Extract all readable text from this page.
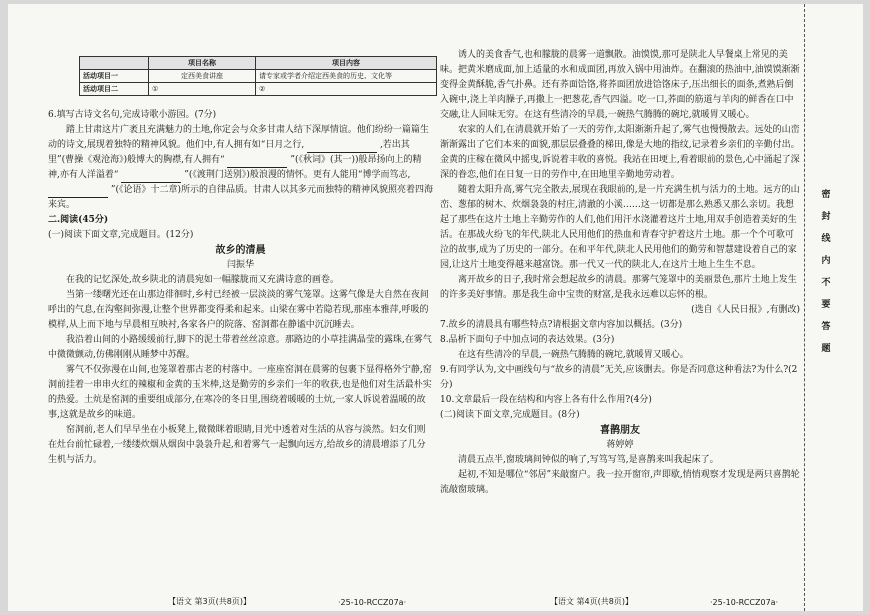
	项目名称	项目内容
活动项目一	定西美食讲座	请专家或学者介绍定西美食的历史、文化等
活动项目二	①	②

6.填写古诗文名句,完成诗歌小游园。(7分)

踏上甘肃这片广袤且充满魅力的土地,你定会与众多甘肃人结下深厚情谊。他们纷纷一篇篇生动的诗文,展现着独特的精神风貌。他们中,有人拥有如“日月之行,	,若出其里”(曹操《观沧海》)般博大的胸襟,有人拥有“	”(《秋词》(其一))般昂扬向上的精神,亦有人洋溢着“	”(《渡荆门送别》)般浪漫的情怀。更有人能用“博学而笃志,  ”(《论语》十二章)所示的自律品质。甘肃人以其多元而独特的精神风貌照亮着四海来宾。

二.阅读(45分)

(一)阅读下面文章,完成题目。(12分)

故乡的清晨

闫振华

在我的记忆深处,故乡陕北的清晨宛如一幅朦胧而又充满诗意的画卷。

当第一缕曙光还在山那边徘徊时,乡村已经被一层淡淡的雾气笼罩。这雾气像是大自然在夜间呼出的气息,在沟壑间弥漫,让整个世界都变得柔和起来。山梁在雾中若隐若现,那座本雅萍,呼吸的模样,从上而下地与早晨相互映衬,各家各户的院落、窑洞都在静谧中沉沉睡去。

我沿着山间的小路缓缓前行,脚下的泥土带着丝丝凉意。那路边的小草挂满晶莹的露珠,在雾气中微微颤动,仿佛刚刚从睡梦中苏醒。

雾气不仅弥漫在山间,也笼罩着那古老的村落中。一座座窑洞在晨雾的包裹下显得格外宁静,窑洞前挂着一串串火红的辣椒和金黄的玉米棒,这是勤劳的乡亲们一年的收获,也是他们对生活最朴实的热爱。土炕是窑洞的重要组成部分,在寒冷的冬日里,围绕着暖暖的土炕,一家人诉说着温暖的故事,这就是故乡的味道。

窑洞前,老人们早早坐在小板凳上,微微眯着眼睛,目光中透着对生活的从容与淡然。妇女们则在灶台前忙碌着,一缕缕炊烟从烟囱中袅袅升起,和着雾气一起飘向远方,给故乡的清晨增添了几分生机与活力。

【语文 第3页(共8页)】	·25-10-RCCZ07a·

诱人的美食香气,也和朦胧的晨雾一道飘散。油馍馍,那可是陕北人早餐桌上常见的美味。把黄米磨成面,加上适量的水和成面团,再放入锅中用油炸。在翻滚的热油中,油馍馍渐渐变得金黄酥脆,香气扑鼻。还有荞面饸饹,将荞面团放进饸饹床子,压出细长的面条,煮熟后倒入碗中,浇上羊肉臊子,再撒上一把葱花,香气四溢。吃一口,荞面的筋道与羊肉的鲜香在口中交融,让人回味无穷。在这有些清冷的早晨,一碗热气腾腾的碗坨,就暖胃又暖心。

农家的人们,在清晨就开始了一天的劳作,太阳渐渐升起了,雾气也慢慢散去。远处的山峦渐渐露出了它们本来的面貌,那层层叠叠的梯田,像是大地的指纹,记录着乡亲们的辛勤付出。金黄的庄稼在微风中摇曳,诉说着丰收的喜悦。我站在田埂上,看着眼前的景色,心中涌起了深深的眷恋,他们在日复一日的劳作中,在田地里辛勤地劳动着。

随着太阳升高,雾气完全散去,展现在我眼前的,是一片充满生机与活力的土地。远方的山峦、葱郁的树木、炊烟袅袅的村庄,清澈的小溪……这一切都是那么熟悉又那么亲切。我想起了那些在这片土地上辛勤劳作的人们,他们用汗水浇灌着这片土地,用双手创造着美好的生活。在那战火纷飞的年代,陕北人民用他们的热血和青春守护着这片土地。那一个个可歌可泣的故事,成为了历史的一部分。在和平年代,陕北人民用他们的勤劳和智慧建设着自己的家园,让这片土地变得越来越富饶。那一代又一代的陕北人,在这片土地上生生不息。

离开故乡的日子,我时常会想起故乡的清晨。那雾气笼罩中的美丽景色,那片土地上发生的许多美好事情。那是我生命中宝贵的财富,是我永远难以忘怀的根。

(选自《人民日报》,有删改)

7.故乡的清晨具有哪些特点?请根据文章内容加以概括。(3分)

8.品析下面句子中加点词的表达效果。(3分)

在这有些清冷的早晨,一碗热气腾腾的碗坨,就暖胃又暖心。

9.有同学认为,文中画线句与“故乡的清晨”无关,应该删去。你是否同意这种看法?为什么?(2分)

10.文章最后一段在结构和内容上各有什么作用?(4分)

(二)阅读下面文章,完成题目。(8分)

喜鹊朋友

蒋婷婷

清晨五点半,窗玻璃间钟似的响了,写笃写笃,是喜鹊来叫我起床了。

起初,不知是哪位“邻居”来敲窗户。我一拉开窗帘,声即歇,悄悄观察才发现是两只喜鹊轮流敲窗玻璃。

【语文 第4页(共8页)】	·25-10-RCCZ07a·
密
封
线
内
不
要
答
题
